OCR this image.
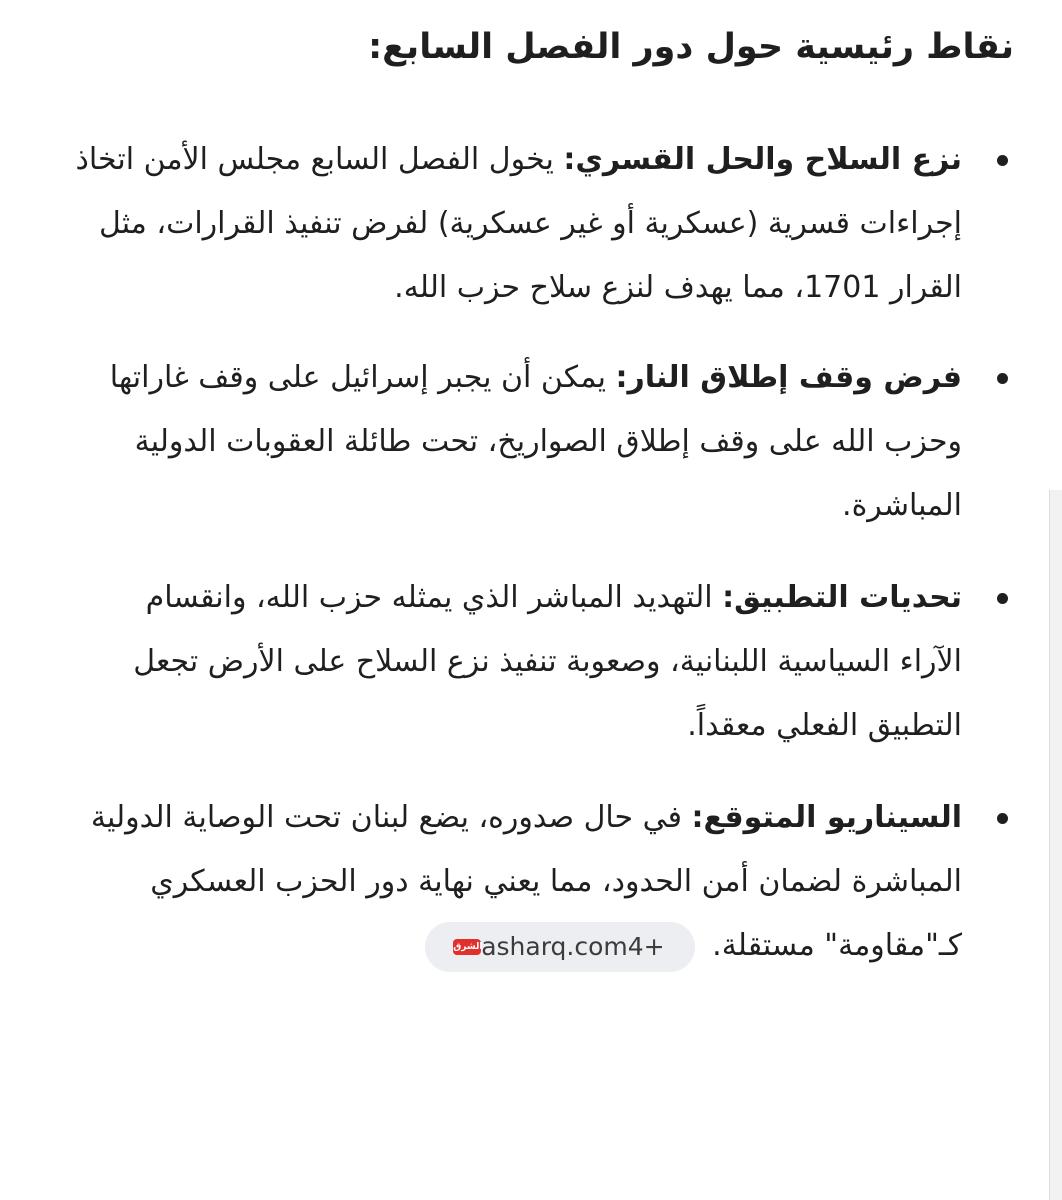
نقاط رئيسية حول دور الفصل السابع:
نزع السلاح والحل القسري: يخول الفصل السابع مجلس الأمن اتخاذ إجراءات قسرية (عسكرية أو غير عسكرية) لفرض تنفيذ القرارات، مثل القرار 1701، مما يهدف لنزع سلاح حزب الله.
فرض وقف إطلاق النار: يمكن أن يجبر إسرائيل على وقف غاراتها وحزب الله على وقف إطلاق الصواريخ، تحت طائلة العقوبات الدولية المباشرة.
تحديات التطبيق: التهديد المباشر الذي يمثله حزب الله، وانقسام الآراء السياسية اللبنانية، وصعوبة تنفيذ نزع السلاح على الأرض تجعل التطبيق الفعلي معقداً.
السيناريو المتوقع: في حال صدوره، يضع لبنان تحت الوصاية الدولية المباشرة لضمان أمن الحدود، مما يعني نهاية دور الحزب العسكري كـ"مقاومة" مستقلة.
الشرق
asharq.com 4+
